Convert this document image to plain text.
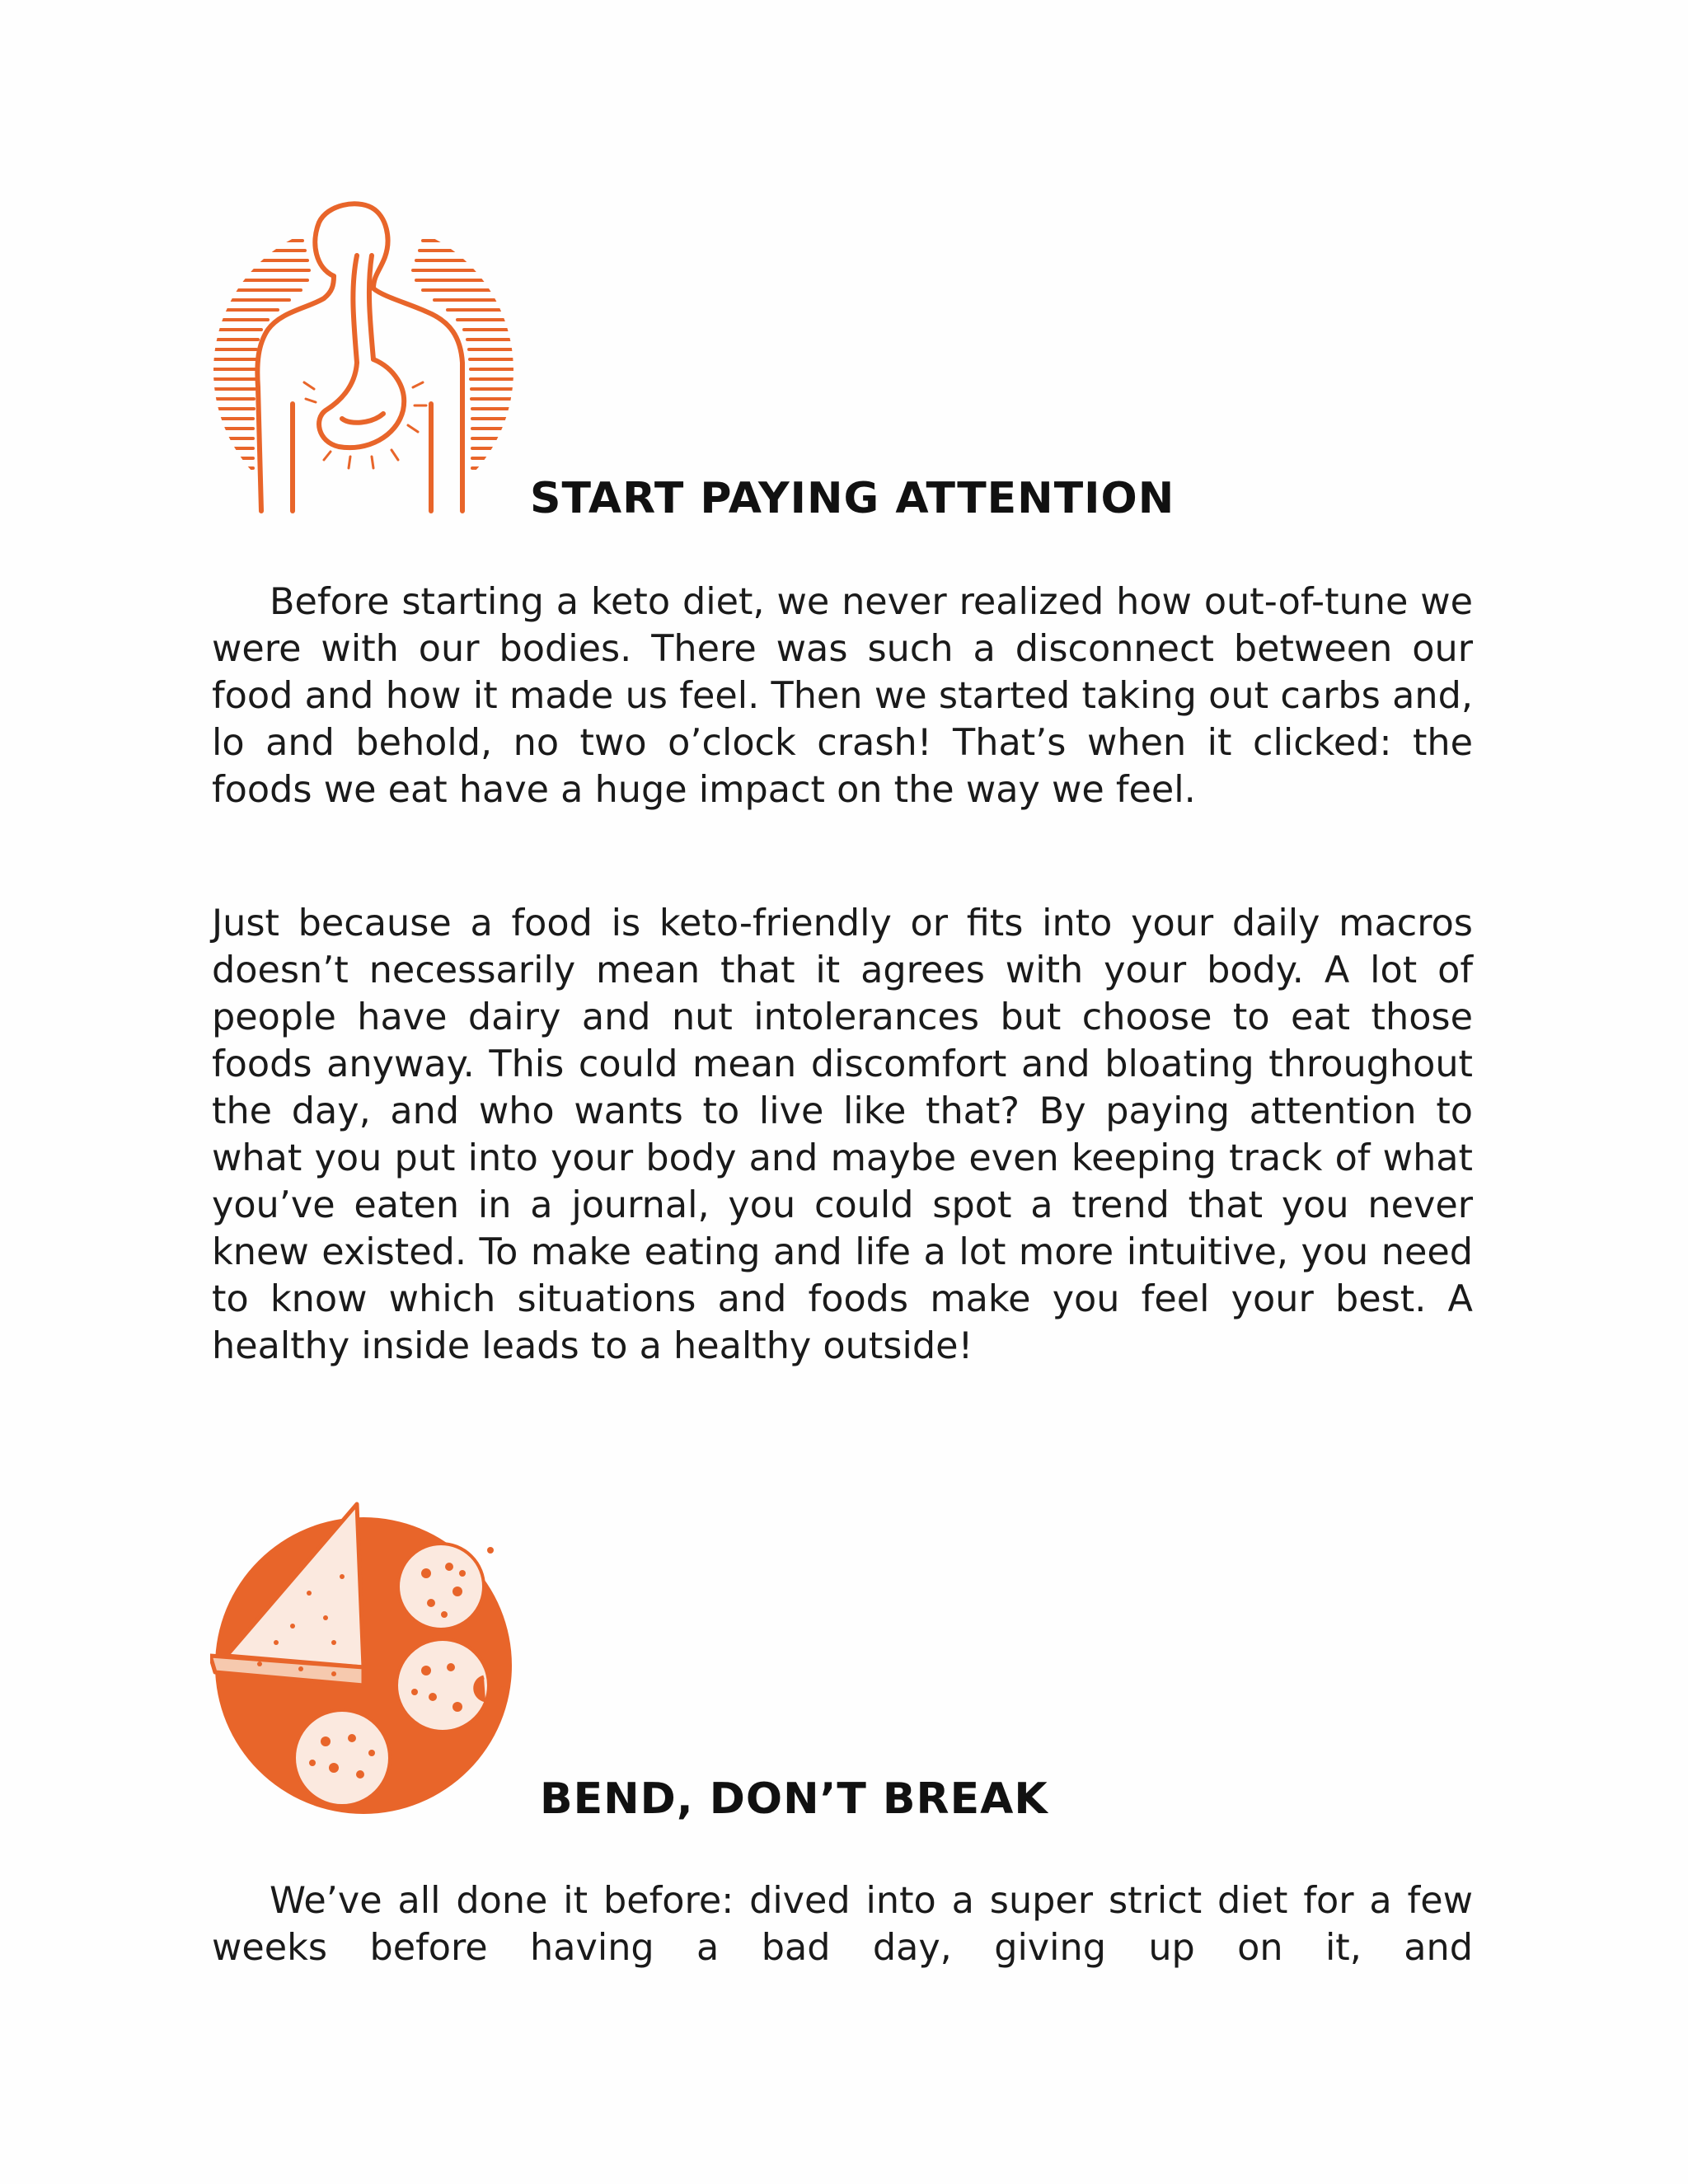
START PAYING ATTENTION

Before starting a keto diet, we never realized how out-of-tune we were with our bodies. There was such a disconnect between our food and how it made us feel. Then we started taking out carbs and, lo and behold, no two o’clock crash! That’s when it clicked: the foods we eat have a huge impact on the way we feel.

Just because a food is keto-friendly or fits into your daily macros doesn’t necessarily mean that it agrees with your body. A lot of people have dairy and nut intolerances but choose to eat those foods anyway. This could mean discomfort and bloating throughout the day, and who wants to live like that? By paying attention to what you put into your body and maybe even keeping track of what you’ve eaten in a journal, you could spot a trend that you never knew existed. To make eating and life a lot more intuitive, you need to know which situations and foods make you feel your best. A healthy inside leads to a healthy outside!

BEND, DON’T BREAK

We’ve all done it before: dived into a super strict diet for a few weeks before having a bad day, giving up on it, and
